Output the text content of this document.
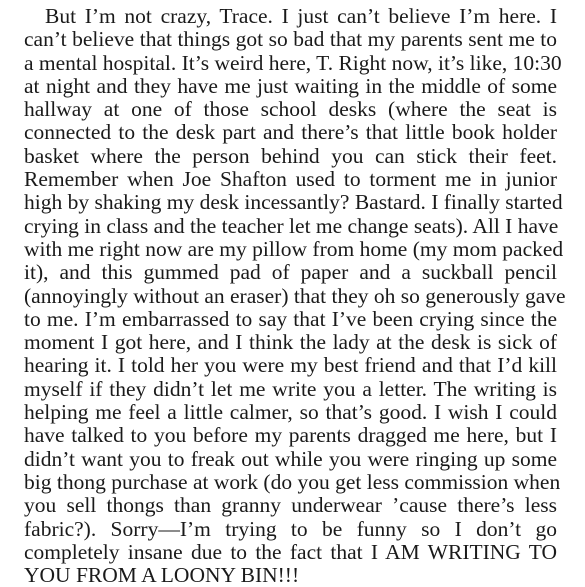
But I’m not crazy, Trace. I just can’t believe I’m here. I
can’t believe that things got so bad that my parents sent me to
a mental hospital. It’s weird here, T. Right now, it’s like, 10:30
at night and they have me just waiting in the middle of some
hallway at one of those school desks (where the seat is
connected to the desk part and there’s that little book holder
basket where the person behind you can stick their feet.
Remember when Joe Shafton used to torment me in junior
high by shaking my desk incessantly? Bastard. I finally started
crying in class and the teacher let me change seats). All I have
with me right now are my pillow from home (my mom packed
it), and this gummed pad of paper and a suckball pencil
(annoyingly without an eraser) that they oh so generously gave
to me. I’m embarrassed to say that I’ve been crying since the
moment I got here, and I think the lady at the desk is sick of
hearing it. I told her you were my best friend and that I’d kill
myself if they didn’t let me write you a letter. The writing is
helping me feel a little calmer, so that’s good. I wish I could
have talked to you before my parents dragged me here, but I
didn’t want you to freak out while you were ringing up some
big thong purchase at work (do you get less commission when
you sell thongs than granny underwear ’cause there’s less
fabric?). Sorry—I’m trying to be funny so I don’t go
completely insane due to the fact that I AM WRITING TO
YOU FROM A LOONY BIN!!!
